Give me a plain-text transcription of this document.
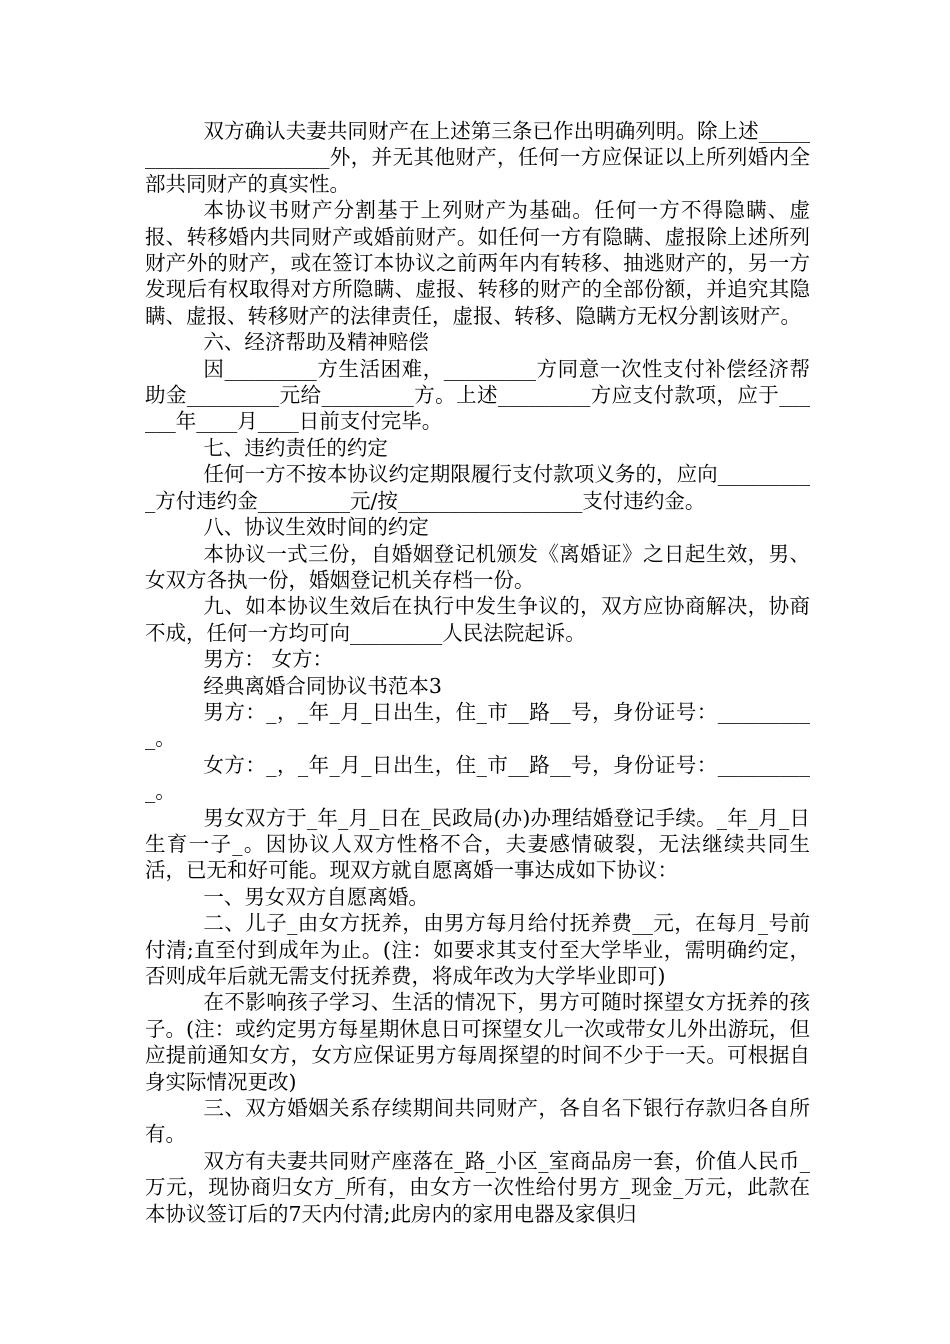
双方确认夫妻共同财产在上述第三条已作出明确列明。除上述_______________________外，并无其他财产，任何一方应保证以上所列婚内全部共同财产的真实性。

本协议书财产分割基于上列财产为基础。任何一方不得隐瞒、虚报、转移婚内共同财产或婚前财产。如任何一方有隐瞒、虚报除上述所列财产外的财产，或在签订本协议之前两年内有转移、抽逃财产的，另一方发现后有权取得对方所隐瞒、虚报、转移的财产的全部份额，并追究其隐瞒、虚报、转移财产的法律责任，虚报、转移、隐瞒方无权分割该财产。

六、经济帮助及精神赔偿

因_________方生活困难，_________方同意一次性支付补偿经济帮助金_________元给_________方。上述_________方应支付款项，应于______年____月____日前支付完毕。

七、违约责任的约定

任何一方不按本协议约定期限履行支付款项义务的，应向__________方付违约金_________元/按__________________支付违约金。

八、协议生效时间的约定

本协议一式三份，自婚姻登记机颁发《离婚证》之日起生效，男、女双方各执一份，婚姻登记机关存档一份。

九、如本协议生效后在执行中发生争议的，双方应协商解决，协商不成，任何一方均可向_________人民法院起诉。

男方： 女方：

经典离婚合同协议书范本3

男方：_，_年_月_日出生，住_市__路__号，身份证号：__________。

女方：_，_年_月_日出生，住_市__路__号，身份证号：__________。

男女双方于_年_月_日在_民政局(办)办理结婚登记手续。_年_月_日生育一子_。因协议人双方性格不合，夫妻感情破裂，无法继续共同生活，已无和好可能。现双方就自愿离婚一事达成如下协议：

一、男女双方自愿离婚。

二、儿子_由女方抚养，由男方每月给付抚养费__元，在每月_号前付清;直至付到成年为止。(注：如要求其支付至大学毕业，需明确约定，否则成年后就无需支付抚养费，将成年改为大学毕业即可)

在不影响孩子学习、生活的情况下，男方可随时探望女方抚养的孩子。(注：或约定男方每星期休息日可探望女儿一次或带女儿外出游玩，但应提前通知女方，女方应保证男方每周探望的时间不少于一天。可根据自身实际情况更改)

三、双方婚姻关系存续期间共同财产，各自名下银行存款归各自所有。

双方有夫妻共同财产座落在_路_小区_室商品房一套，价值人民币_万元，现协商归女方_所有，由女方一次性给付男方_现金_万元，此款在本协议签订后的7天内付清;此房内的家用电器及家俱归
